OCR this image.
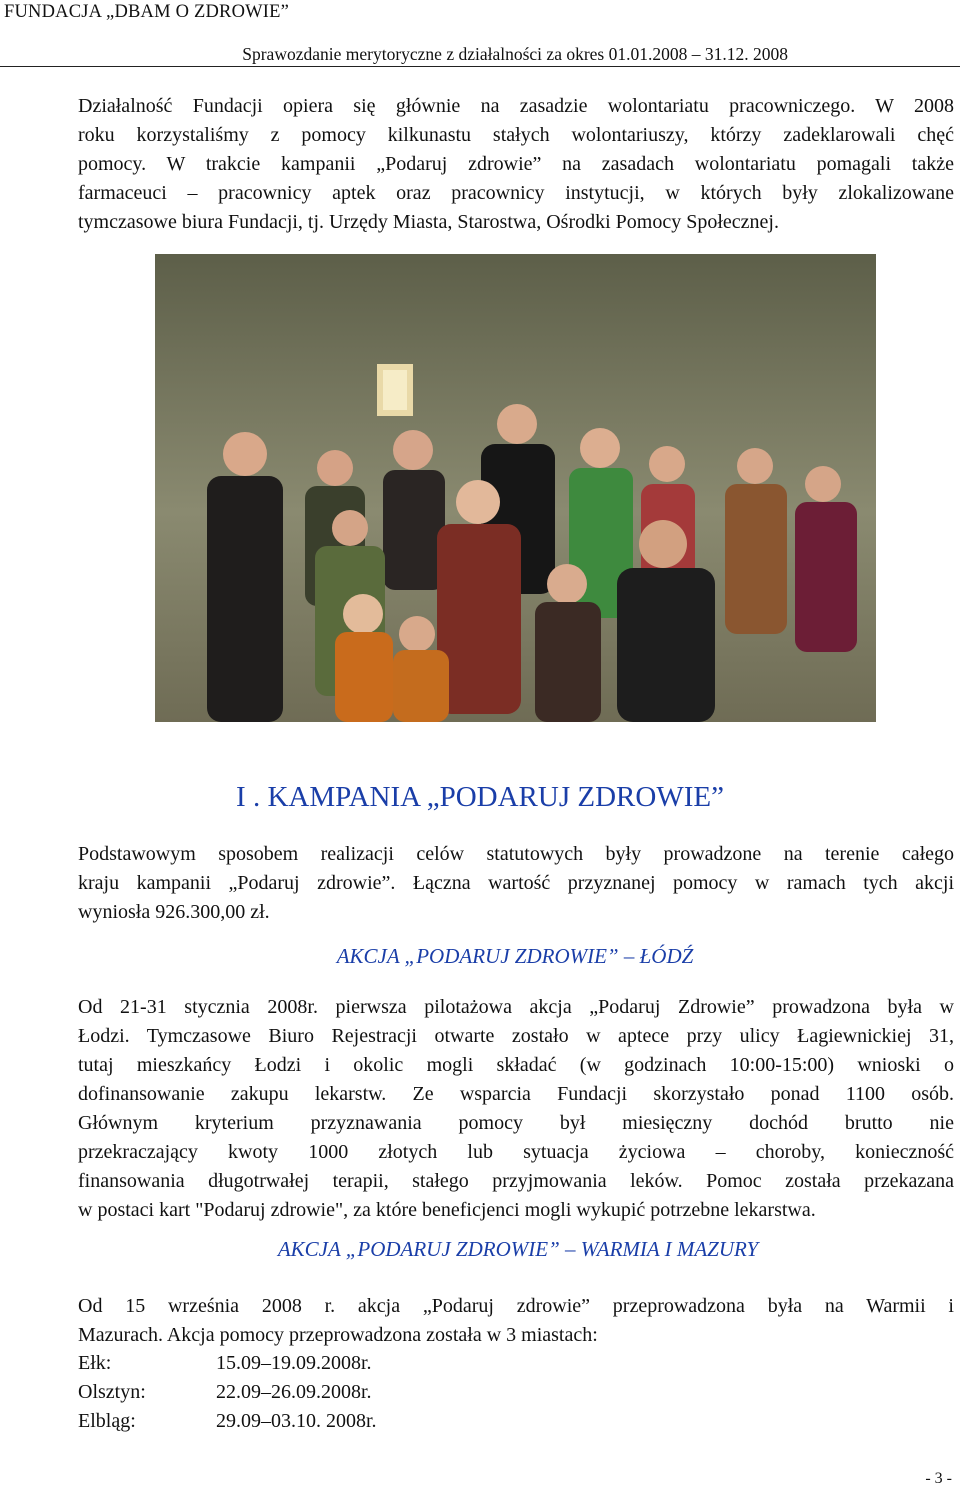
FUNDACJA „DBAM O ZDROWIE”
Sprawozdanie merytoryczne z działalności za okres 01.01.2008 – 31.12. 2008
Działalność Fundacji opiera się głównie na zasadzie wolontariatu pracowniczego. W 2008
roku korzystaliśmy z pomocy kilkunastu stałych wolontariuszy, którzy zadeklarowali chęć
pomocy. W trakcie kampanii „Podaruj zdrowie” na zasadach wolontariatu pomagali także
farmaceuci – pracownicy aptek oraz pracownicy instytucji, w których były zlokalizowane
tymczasowe biura Fundacji, tj. Urzędy Miasta, Starostwa, Ośrodki Pomocy Społecznej.
I . KAMPANIA „PODARUJ ZDROWIE”
Podstawowym sposobem realizacji celów statutowych były prowadzone na terenie całego
kraju kampanii „Podaruj zdrowie”. Łączna wartość przyznanej pomocy w ramach tych akcji
wyniosła 926.300,00 zł.
AKCJA „PODARUJ ZDROWIE” – ŁÓDŹ
Od 21-31 stycznia 2008r. pierwsza pilotażowa akcja „Podaruj Zdrowie” prowadzona była w
Łodzi. Tymczasowe Biuro Rejestracji otwarte zostało w aptece przy ulicy Łagiewnickiej 31,
tutaj mieszkańcy Łodzi i okolic mogli składać (w godzinach 10:00-15:00) wnioski o
dofinansowanie zakupu lekarstw. Ze wsparcia Fundacji skorzystało ponad 1100 osób.
Głównym kryterium przyznawania pomocy był miesięczny dochód brutto nie
przekraczający kwoty 1000 złotych lub sytuacja życiowa – choroby, konieczność
finansowania długotrwałej terapii, stałego przyjmowania leków. Pomoc została przekazana
w postaci kart "Podaruj zdrowie", za które beneficjenci mogli wykupić potrzebne lekarstwa.
AKCJA „PODARUJ ZDROWIE” – WARMIA I MAZURY
Od 15 września 2008 r. akcja „Podaruj zdrowie” przeprowadzona była na Warmii i
Mazurach. Akcja pomocy przeprowadzona została w 3 miastach:
Ełk:	15.09–19.09.2008r.
Olsztyn:	22.09–26.09.2008r.
Elbląg:	29.09–03.10. 2008r.
- 3 -
